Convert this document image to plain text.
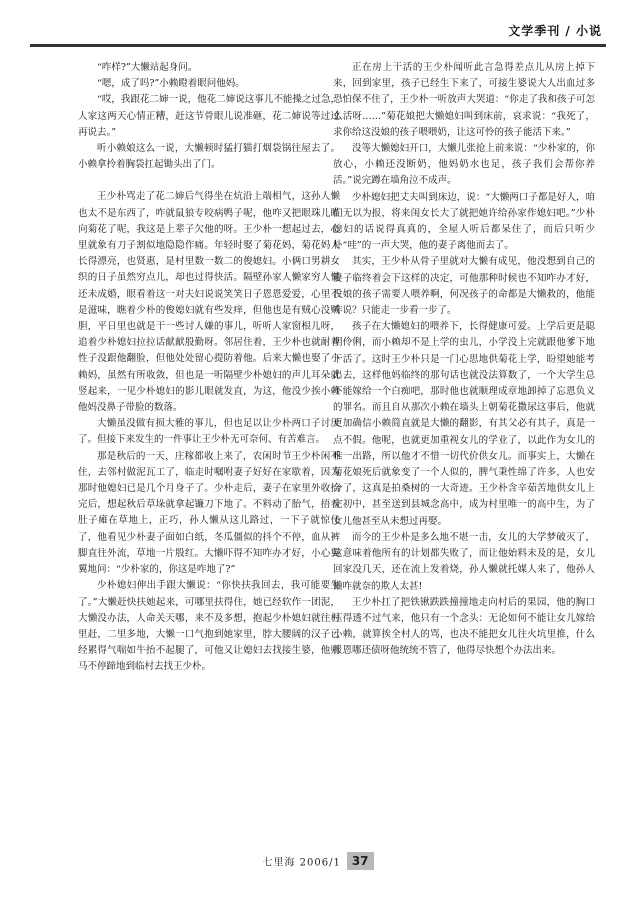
文学季刊 / 小说

“咋样?”大懒站起身问。

“嗯，成了吗?”小赖瞪着眼问他妈。

“哎，我跟花二婶一说，他花二婶说这事儿不能操之过急，人家这两天心情正糟，赶这节骨眼儿说准砸，花二婶说等过过再说去。”

听小赖娘这么一说，大懒顿时猛打猫打烟袋锅往屋去了。小赖拿拎着胸袋扛起锄头出了门。

王少朴骂走了花二婶后气得坐在炕沿上端相气，这孙人懒也太不是东西了，咋就鼠狼专咬病鸭子呢，他咋又把眼珠儿瞄向菊花了呢，我这是上辈子欠他的呀。王少朴一想起过去，心里就象有刀子割似地隐隐作痛。年轻时娶了菊花妈，菊花妈人长得漂亮，也贤惠，是村里数一数二的俊媳妇。小俩口男耕女织的日子虽然穷点儿，却也过得快活。隔壁孙家人懒家穷人懒还未成婚，眼看着这一对夫妇说说笑笑日子恩恩爱爱，心里不是滋味，瞧着少朴的俊媳妇就有些发痒，但他也是有贼心没贼胆，平日里也就是干一些讨人嫌的事儿，听听人家窗根儿呀，追着少朴媳妇拉拉话献献殷勤呀。邻居住着，王少朴也就耐着性子没跟他翻脸，但他处处留心提防着他。后来大懒也娶了小赖妈，虽然有所收敛，但也是一听隔壁少朴媳妇的声儿耳朵就竖起来，一见少朴媳妇的影儿眼就发直，为这，他没少挨小赖他妈没鼻子带脸的数落。

大懒虽没做有损大雅的事儿，但也足以让少朴两口子讨厌了。但接下来发生的一件事让王少朴无可奈何、有苦难言。

那是秋后的一天，庄稼都收上来了，农闲时节王少朴闲不住，去邻村做泥瓦工了，临走时嘱咐妻子好好在家歇着，因为那时他媳妇已是几个月身子了。少朴走后，妻子在家里外收拾完后，想起秋后草垛就拿起镰刀下地了。不料动了胎气，捂着肚子瘫在草地上，正巧，孙人懒从这儿路过，一下子就惊住了，他看见少朴妻子面如白纸，冬瓜僵似的抖个不停，血从裤脚直往外流，草地一片殷红。大懒吓得不知咋办才好，小心翼翼地问：“少朴家的，你这是咋地了?”

少朴媳妇伸出手跟大懒说：“你快扶我回去，我可能要生了。”大懒赶快扶她起来，可哪里扶得住，她已经软作一团泥，大懒没办法，人命关天哪，来不及多想，抱起少朴媳妇就往村里赶，二里多地，大懒一口气抱到她家里，脖大腰阔的汉子已经累得气喘如牛抬不起腿了，可他又让媳妇去找接生婆，他则马不停蹄地到临村去找王少朴。

正在房上干活的王少朴闻听此言急得差点儿从房上掉下来，回到家里，孩子已经生下来了，可接生婆说大人出血过多恐怕保不住了，王少朴一听放声大哭道：“你走了我和孩子可怎么活呀……”菊花娘把大懒媳妇叫到床前，哀求说：“我死了，求你给这没娘的孩子喂喂奶，让这可怜的孩子能活下来。”

没等大懒媳妇开口，大懒儿张抢上前来说：“少朴家的，你放心，小赖还没断奶，他妈奶水也足，孩子我们会帮你养活。”说完蹲在墙角泣不成声。

少朴媳妇把丈夫叫到床边，说：“大懒两口子都是好人，咱们无以为报，将来闺女长大了就把她许给孙家作媳妇吧。”少朴媳妇的话说得真真的，全屋人听后都呆住了，而后只听少朴“哇”的一声大哭，他的妻子离他而去了。

其实，王少朴从骨子里就对大懒有成见，他没想到自己的妻子临终着会下这样的决定，可他那种时候也不知咋办才好，没娘的孩子需要人喂养啊，何况孩子的命都是大懒救的，他能咋说？只能走一步看一步了。

孩子在大懒媳妇的喂养下，长得健康可爱。上学后更是聪明伶俐，而小赖却不是上学的虫儿，小学没上完就跟他爹下地干活了。这时王少朴只是一门心思地供菊花上学，盼望她能考出去，这样他妈临终的那句话也就没法算数了，一个大学生总不能嫁给一个白痴吧，那时他也就顺理成章地卸掉了忘恩负义的罪名。而且自从那次小赖在墙头上朝菊花撒尿这事后，他就更加确信小赖简直就是大懒的翻影，有其父必有其子，真是一点不假。他呢，也就更加重视女儿的学业了，以此作为女儿的唯一出路，所以他才不惜一切代价供女儿。而事实上，大懒在菊花娘死后就象变了一个人似的，脾气秉性绵了许多，人也安分了，这真是拍桑树的一大奇迹。王少朴含辛茹苦地供女儿上完初中，甚至送到县城念高中，成为村里唯一的高中生，为了女儿他甚至从未想过再娶。

而今的王少朴是多么地不堪一击，女儿的大学梦破灭了，这意味着他所有的计划都失败了，而让他始料未及的是，女儿回家没几天，还在流上发着烧，孙人懒就托媒人来了，他孙人懒咋就奈的欺人太甚!

王少朴扛了把铁锹跌跌撞撞地走向村后的果园，他的胸口压得透不过气来，他只有一个念头：无论如何不能让女儿嫁给小赖，就算挨全村人的骂，也决不能把女儿往火坑里推，什么报恩哪还债呀他统统不管了，他得尽快想个办法出来。

七里海 2006/1 37
